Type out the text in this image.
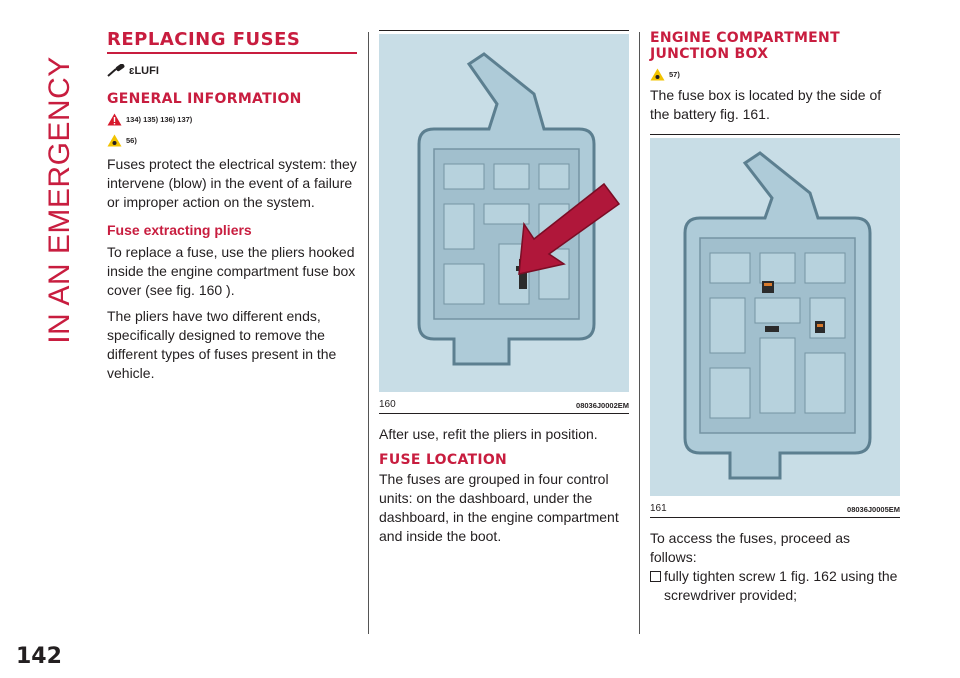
IN AN EMERGENCY
142
REPLACING FUSES
ɛLUFI
GENERAL INFORMATION
134) 135) 136) 137)
56)

Fuses protect the electrical system: they intervene (blow) in the event of a failure or improper action on the system.

Fuse extracting pliers

To replace a fuse, use the pliers hooked inside the engine compartment fuse box cover (see fig. 160 ).

The pliers have two different ends, specifically designed to remove the different types of fuses present in the vehicle.

160	08036J0002EM

After use, refit the pliers in position.

FUSE LOCATION

The fuses are grouped in four control units: on the dashboard, under the dashboard, in the engine compartment and inside the boot.

ENGINE COMPARTMENT
JUNCTION BOX
57)

The fuse box is located by the side of the battery fig. 161.

161	08036J0005EM

To access the fuses, proceed as follows:

fully tighten screw 1 fig. 162 using the screwdriver provided;
